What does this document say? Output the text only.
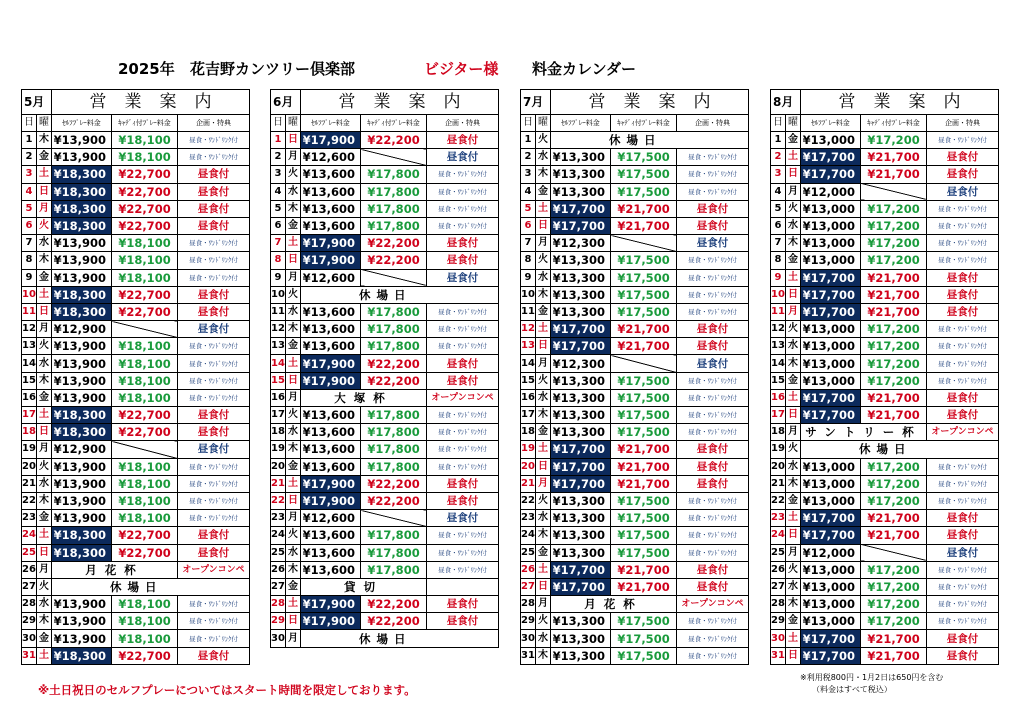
2025年 花吉野カンツリー倶楽部	ビジター様 料金カレンダー
5月		営業案内		
日	曜	ｾﾙﾌﾌﾟﾚｰ料金	ｷｬﾃﾞｨ付ﾌﾟﾚｰ料金	企画・特典
1	木	¥13,900	¥18,100	昼食・ﾜﾝﾄﾞﾘﾝｸ付
2	金	¥13,900	¥18,100	昼食・ﾜﾝﾄﾞﾘﾝｸ付
3	土	¥18,300	¥22,700	昼食付
4	日	¥18,300	¥22,700	昼食付
5	月	¥18,300	¥22,700	昼食付
6	火	¥18,300	¥22,700	昼食付
7	水	¥13,900	¥18,100	昼食・ﾜﾝﾄﾞﾘﾝｸ付
8	木	¥13,900	¥18,100	昼食・ﾜﾝﾄﾞﾘﾝｸ付
9	金	¥13,900	¥18,100	昼食・ﾜﾝﾄﾞﾘﾝｸ付
10	土	¥18,300	¥22,700	昼食付
11	日	¥18,300	¥22,700	昼食付
12	月	¥12,900		昼食付
13	火	¥13,900	¥18,100	昼食・ﾜﾝﾄﾞﾘﾝｸ付
14	水	¥13,900	¥18,100	昼食・ﾜﾝﾄﾞﾘﾝｸ付
15	木	¥13,900	¥18,100	昼食・ﾜﾝﾄﾞﾘﾝｸ付
16	金	¥13,900	¥18,100	昼食・ﾜﾝﾄﾞﾘﾝｸ付
17	土	¥18,300	¥22,700	昼食付
18	日	¥18,300	¥22,700	昼食付
19	月	¥12,900		昼食付
20	火	¥13,900	¥18,100	昼食・ﾜﾝﾄﾞﾘﾝｸ付
21	水	¥13,900	¥18,100	昼食・ﾜﾝﾄﾞﾘﾝｸ付
22	木	¥13,900	¥18,100	昼食・ﾜﾝﾄﾞﾘﾝｸ付
23	金	¥13,900	¥18,100	昼食・ﾜﾝﾄﾞﾘﾝｸ付
24	土	¥18,300	¥22,700	昼食付
25	日	¥18,300	¥22,700	昼食付
26	月	月花杯		オープンコンペ
27	火	休場日		
28	水	¥13,900	¥18,100	昼食・ﾜﾝﾄﾞﾘﾝｸ付
29	木	¥13,900	¥18,100	昼食・ﾜﾝﾄﾞﾘﾝｸ付
30	金	¥13,900	¥18,100	昼食・ﾜﾝﾄﾞﾘﾝｸ付
31	土	¥18,300	¥22,700	昼食付
6月		営業案内		
日	曜	ｾﾙﾌﾌﾟﾚｰ料金	ｷｬﾃﾞｨ付ﾌﾟﾚｰ料金	企画・特典
1	日	¥17,900	¥22,200	昼食付
2	月	¥12,600		昼食付
3	火	¥13,600	¥17,800	昼食・ﾜﾝﾄﾞﾘﾝｸ付
4	水	¥13,600	¥17,800	昼食・ﾜﾝﾄﾞﾘﾝｸ付
5	木	¥13,600	¥17,800	昼食・ﾜﾝﾄﾞﾘﾝｸ付
6	金	¥13,600	¥17,800	昼食・ﾜﾝﾄﾞﾘﾝｸ付
7	土	¥17,900	¥22,200	昼食付
8	日	¥17,900	¥22,200	昼食付
9	月	¥12,600		昼食付
10	火	休場日		
11	水	¥13,600	¥17,800	昼食・ﾜﾝﾄﾞﾘﾝｸ付
12	木	¥13,600	¥17,800	昼食・ﾜﾝﾄﾞﾘﾝｸ付
13	金	¥13,600	¥17,800	昼食・ﾜﾝﾄﾞﾘﾝｸ付
14	土	¥17,900	¥22,200	昼食付
15	日	¥17,900	¥22,200	昼食付
16	月	大塚杯		オープンコンペ
17	火	¥13,600	¥17,800	昼食・ﾜﾝﾄﾞﾘﾝｸ付
18	水	¥13,600	¥17,800	昼食・ﾜﾝﾄﾞﾘﾝｸ付
19	木	¥13,600	¥17,800	昼食・ﾜﾝﾄﾞﾘﾝｸ付
20	金	¥13,600	¥17,800	昼食・ﾜﾝﾄﾞﾘﾝｸ付
21	土	¥17,900	¥22,200	昼食付
22	日	¥17,900	¥22,200	昼食付
23	月	¥12,600		昼食付
24	火	¥13,600	¥17,800	昼食・ﾜﾝﾄﾞﾘﾝｸ付
25	水	¥13,600	¥17,800	昼食・ﾜﾝﾄﾞﾘﾝｸ付
26	木	¥13,600	¥17,800	昼食・ﾜﾝﾄﾞﾘﾝｸ付
27	金	貸切		
28	土	¥17,900	¥22,200	昼食付
29	日	¥17,900	¥22,200	昼食付
30	月	休場日		
7月		営業案内		
日	曜	ｾﾙﾌﾌﾟﾚｰ料金	ｷｬﾃﾞｨ付ﾌﾟﾚｰ料金	企画・特典
1	火	休場日		
2	水	¥13,300	¥17,500	昼食・ﾜﾝﾄﾞﾘﾝｸ付
3	木	¥13,300	¥17,500	昼食・ﾜﾝﾄﾞﾘﾝｸ付
4	金	¥13,300	¥17,500	昼食・ﾜﾝﾄﾞﾘﾝｸ付
5	土	¥17,700	¥21,700	昼食付
6	日	¥17,700	¥21,700	昼食付
7	月	¥12,300		昼食付
8	火	¥13,300	¥17,500	昼食・ﾜﾝﾄﾞﾘﾝｸ付
9	水	¥13,300	¥17,500	昼食・ﾜﾝﾄﾞﾘﾝｸ付
10	木	¥13,300	¥17,500	昼食・ﾜﾝﾄﾞﾘﾝｸ付
11	金	¥13,300	¥17,500	昼食・ﾜﾝﾄﾞﾘﾝｸ付
12	土	¥17,700	¥21,700	昼食付
13	日	¥17,700	¥21,700	昼食付
14	月	¥12,300		昼食付
15	火	¥13,300	¥17,500	昼食・ﾜﾝﾄﾞﾘﾝｸ付
16	水	¥13,300	¥17,500	昼食・ﾜﾝﾄﾞﾘﾝｸ付
17	木	¥13,300	¥17,500	昼食・ﾜﾝﾄﾞﾘﾝｸ付
18	金	¥13,300	¥17,500	昼食・ﾜﾝﾄﾞﾘﾝｸ付
19	土	¥17,700	¥21,700	昼食付
20	日	¥17,700	¥21,700	昼食付
21	月	¥17,700	¥21,700	昼食付
22	火	¥13,300	¥17,500	昼食・ﾜﾝﾄﾞﾘﾝｸ付
23	水	¥13,300	¥17,500	昼食・ﾜﾝﾄﾞﾘﾝｸ付
24	木	¥13,300	¥17,500	昼食・ﾜﾝﾄﾞﾘﾝｸ付
25	金	¥13,300	¥17,500	昼食・ﾜﾝﾄﾞﾘﾝｸ付
26	土	¥17,700	¥21,700	昼食付
27	日	¥17,700	¥21,700	昼食付
28	月	月花杯		オープンコンペ
29	火	¥13,300	¥17,500	昼食・ﾜﾝﾄﾞﾘﾝｸ付
30	水	¥13,300	¥17,500	昼食・ﾜﾝﾄﾞﾘﾝｸ付
31	木	¥13,300	¥17,500	昼食・ﾜﾝﾄﾞﾘﾝｸ付
8月		営業案内		
日	曜	ｾﾙﾌﾌﾟﾚｰ料金	ｷｬﾃﾞｨ付ﾌﾟﾚｰ料金	企画・特典
1	金	¥13,000	¥17,200	昼食・ﾜﾝﾄﾞﾘﾝｸ付
2	土	¥17,700	¥21,700	昼食付
3	日	¥17,700	¥21,700	昼食付
4	月	¥12,000		昼食付
5	火	¥13,000	¥17,200	昼食・ﾜﾝﾄﾞﾘﾝｸ付
6	水	¥13,000	¥17,200	昼食・ﾜﾝﾄﾞﾘﾝｸ付
7	木	¥13,000	¥17,200	昼食・ﾜﾝﾄﾞﾘﾝｸ付
8	金	¥13,000	¥17,200	昼食・ﾜﾝﾄﾞﾘﾝｸ付
9	土	¥17,700	¥21,700	昼食付
10	日	¥17,700	¥21,700	昼食付
11	月	¥17,700	¥21,700	昼食付
12	火	¥13,000	¥17,200	昼食・ﾜﾝﾄﾞﾘﾝｸ付
13	水	¥13,000	¥17,200	昼食・ﾜﾝﾄﾞﾘﾝｸ付
14	木	¥13,000	¥17,200	昼食・ﾜﾝﾄﾞﾘﾝｸ付
15	金	¥13,000	¥17,200	昼食・ﾜﾝﾄﾞﾘﾝｸ付
16	土	¥17,700	¥21,700	昼食付
17	日	¥17,700	¥21,700	昼食付
18	月	サントリー杯		オープンコンペ
19	火	休場日		
20	水	¥13,000	¥17,200	昼食・ﾜﾝﾄﾞﾘﾝｸ付
21	木	¥13,000	¥17,200	昼食・ﾜﾝﾄﾞﾘﾝｸ付
22	金	¥13,000	¥17,200	昼食・ﾜﾝﾄﾞﾘﾝｸ付
23	土	¥17,700	¥21,700	昼食付
24	日	¥17,700	¥21,700	昼食付
25	月	¥12,000		昼食付
26	火	¥13,000	¥17,200	昼食・ﾜﾝﾄﾞﾘﾝｸ付
27	水	¥13,000	¥17,200	昼食・ﾜﾝﾄﾞﾘﾝｸ付
28	木	¥13,000	¥17,200	昼食・ﾜﾝﾄﾞﾘﾝｸ付
29	金	¥13,000	¥17,200	昼食・ﾜﾝﾄﾞﾘﾝｸ付
30	土	¥17,700	¥21,700	昼食付
31	日	¥17,700	¥21,700	昼食付
※土日祝日のセルフプレーについてはスタート時間を限定しております。
※利用税800円・1月2日は650円を含む
（料金はすべて税込）
